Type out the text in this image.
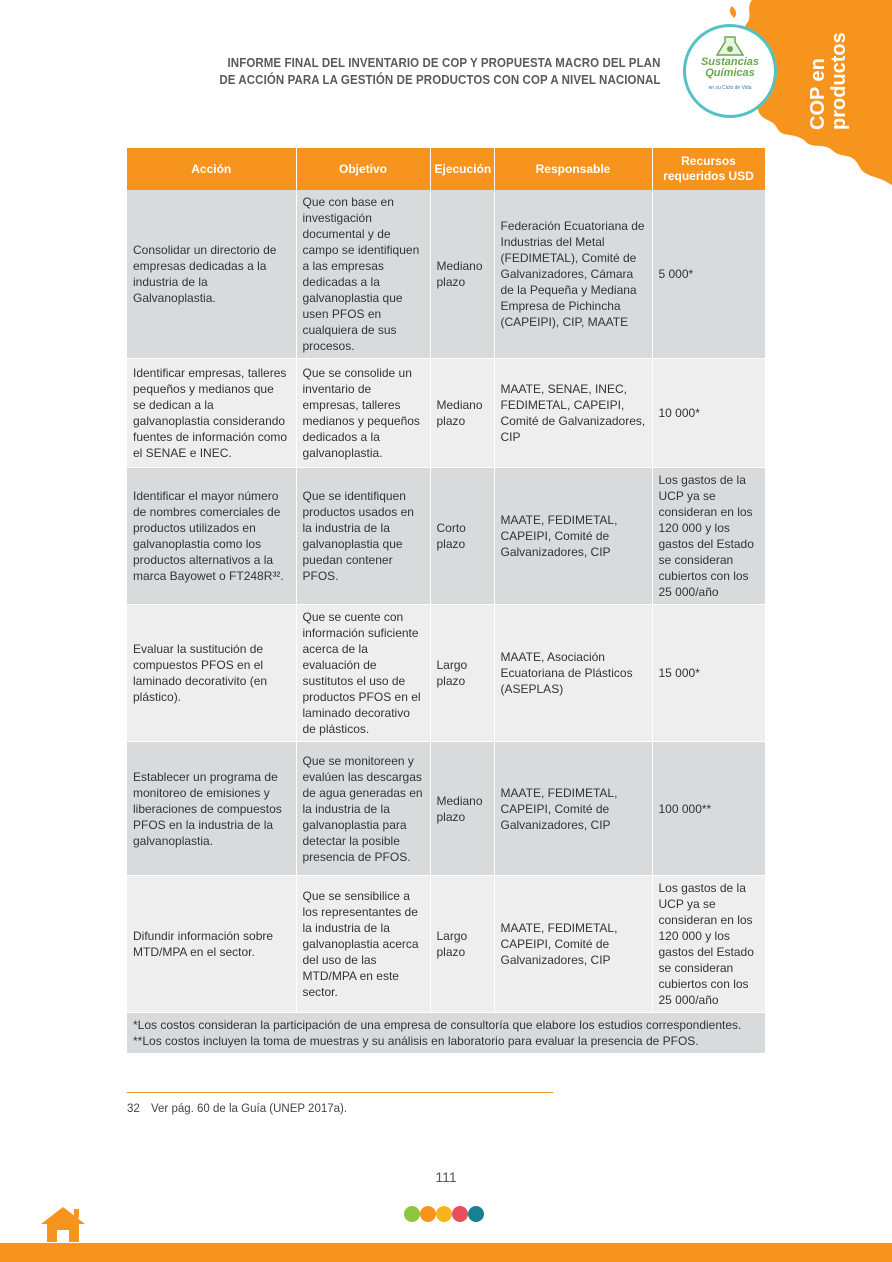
Sustancias
Químicas
en su Ciclo de Vida	COP en productos
INFORME FINAL DEL INVENTARIO DE COP Y PROPUESTA MACRO DEL PLAN
DE ACCIÓN PARA LA GESTIÓN DE PRODUCTOS CON COP A NIVEL NACIONAL
Acción	Objetivo	Ejecución	Responsable	Recursos requeridos USD
Consolidar un directorio de empresas dedicadas a la industria de la Galvanoplastia.	Que con base en investigación documental y de campo se identifiquen a las empresas dedicadas a la galvanoplastia que usen PFOS en cualquiera de sus procesos.	Mediano plazo	Federación Ecuatoriana de Industrias del Metal (FEDIMETAL), Comité de Galvanizadores, Cámara de la Pequeña y Mediana Empresa de Pichincha (CAPEIPI), CIP, MAATE	5 000*
Identificar empresas, talleres pequeños y medianos que se dedican a la galvanoplastia considerando fuentes de información como el SENAE e INEC.	Que se consolide un inventario de empresas, talleres medianos y pequeños dedicados a la galvanoplastia.	Mediano plazo	MAATE, SENAE, INEC, FEDIMETAL, CAPEIPI, Comité de Galvanizadores, CIP	10 000*
Identificar el mayor número de nombres comerciales de productos utilizados en galvanoplastia como los productos alternativos a la marca Bayowet o FT248R³².	Que se identifiquen productos usados en la industria de la galvanoplastia que puedan contener PFOS.	Corto plazo	MAATE, FEDIMETAL, CAPEIPI, Comité de Galvanizadores, CIP	Los gastos de la UCP ya se consideran en los 120 000 y los gastos del Estado se consideran cubiertos con los 25 000/año
Evaluar la sustitución de compuestos PFOS en el laminado decorativito (en plástico).	Que se cuente con información suficiente acerca de la evaluación de sustitutos el uso de productos PFOS en el laminado decorativo de plásticos.	Largo plazo	MAATE, Asociación Ecuatoriana de Plásticos (ASEPLAS)	15 000*
Establecer un programa de monitoreo de emisiones y liberaciones de compuestos PFOS en la industria de la galvanoplastia.	Que se monitoreen y evalúen las descargas de agua generadas en la industria de la galvanoplastia para detectar la posible presencia de PFOS.	Mediano plazo	MAATE, FEDIMETAL, CAPEIPI, Comité de Galvanizadores, CIP	100 000**
Difundir información sobre MTD/MPA en el sector.	Que se sensibilice a los representantes de la industria de la galvanoplastia acerca del uso de las MTD/MPA en este sector.	Largo plazo	MAATE, FEDIMETAL, CAPEIPI, Comité de Galvanizadores, CIP	Los gastos de la UCP ya se consideran en los 120 000 y los gastos del Estado se consideran cubiertos con los 25 000/año

*Los costos consideran la participación de una empresa de consultoría que elabore los estudios correspondientes.
**Los costos incluyen la toma de muestras y su análisis en laboratorio para evaluar la presencia de PFOS.				
32 Ver pág. 60 de la Guía (UNEP 2017a).
111
